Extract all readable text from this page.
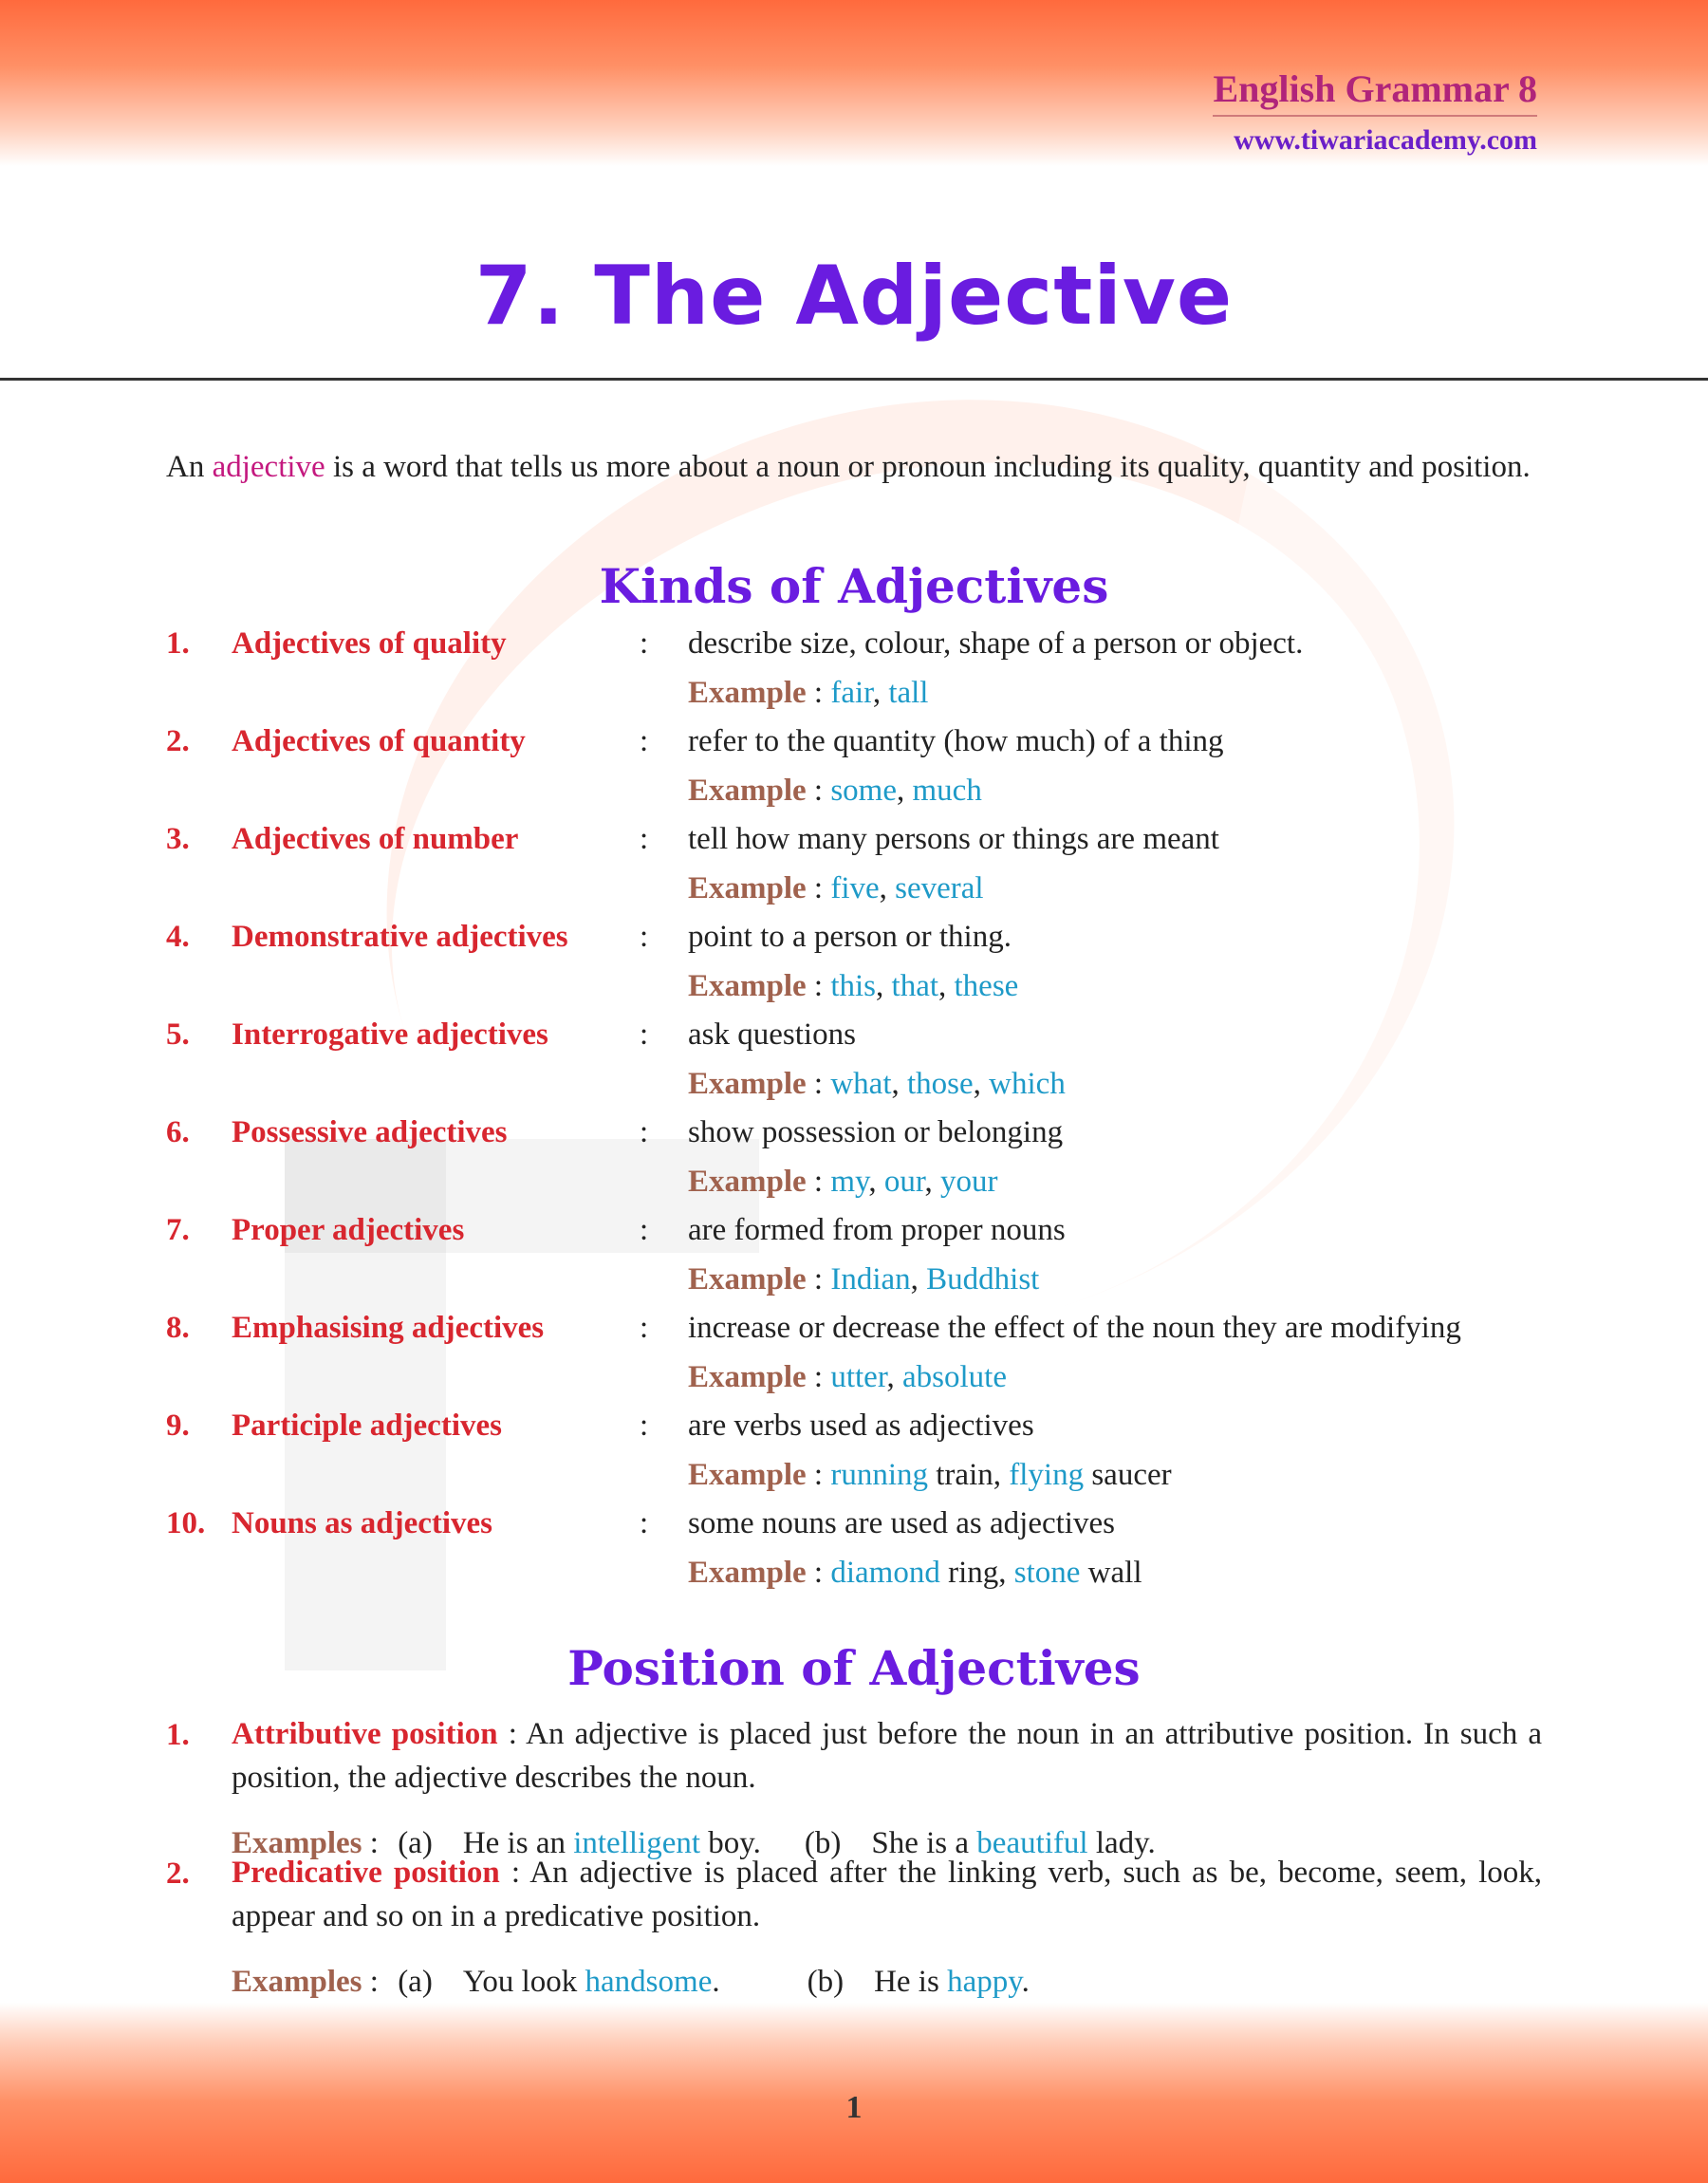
English Grammar 8
www.tiwariacademy.com
7. The Adjective
An adjective is a word that tells us more about a noun or pronoun including its quality, quantity and position.
Kinds of Adjectives
1. Adjectives of quality	: describe size, colour, shape of a person or object.
Example : fair, tall
2. Adjectives of quantity	: refer to the quantity (how much) of a thing
Example : some, much
3. Adjectives of number	: tell how many persons or things are meant
Example : five, several
4. Demonstrative adjectives : point to a person or thing.
Example : this, that, these
5. Interrogative adjectives	: ask questions
Example : what, those, which
6. Possessive adjectives	: show possession or belonging
Example : my, our, your
7. Proper adjectives	: are formed from proper nouns
Example : Indian, Buddhist
8. Emphasising adjectives	: increase or decrease the effect of the noun they are modifying
Example : utter, absolute
9. Participle adjectives	: are verbs used as adjectives
Example : running train, flying saucer
10. Nouns as adjectives	: some nouns are used as adjectives
Example : diamond ring, stone wall
Position of Adjectives
1. Attributive position : An adjective is placed just before the noun in an attributive position. In such a position, the adjective describes the noun.
Examples : (a) He is an intelligent boy. (b) She is a beautiful lady.
2. Predicative position : An adjective is placed after the linking verb, such as be, become, seem, look, appear and so on in a predicative position.
Examples : (a) You look handsome.	(b) He is happy.
1
